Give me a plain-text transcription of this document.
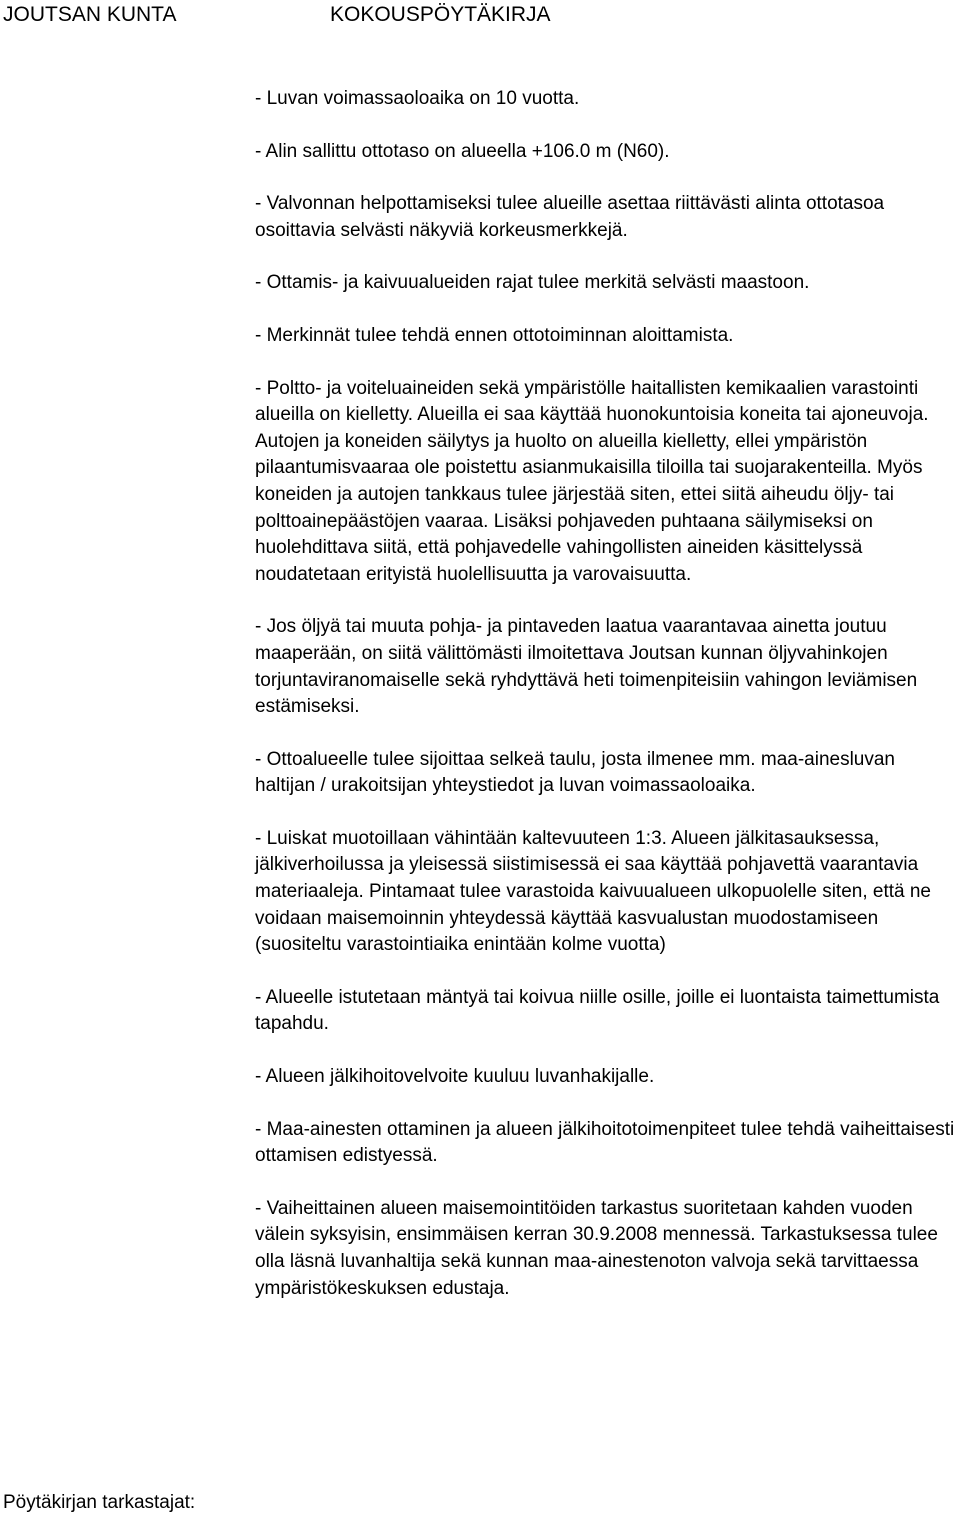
JOUTSAN KUNTA	KOKOUSPÖYTÄKIRJA

- Luvan voimassaoloaika on 10 vuotta.

- Alin sallittu ottotaso on alueella +106.0 m (N60).

- Valvonnan helpottamiseksi tulee alueille asettaa riittävästi alinta ottotasoa osoittavia selvästi näkyviä korkeusmerkkejä.

- Ottamis- ja kaivuualueiden rajat tulee merkitä selvästi maastoon.

- Merkinnät tulee tehdä ennen ottotoiminnan aloittamista.

- Poltto- ja voiteluaineiden sekä ympäristölle haitallisten kemikaalien varastointi alueilla on kielletty. Alueilla ei saa käyttää huonokuntoisia koneita tai ajoneuvoja. Autojen ja koneiden säilytys ja huolto on alueilla kielletty, ellei ympäristön pilaantumisvaaraa ole poistettu asianmukaisilla tiloilla tai suojarakenteilla. Myös koneiden ja autojen tankkaus tulee järjestää siten, ettei siitä aiheudu öljy- tai polttoainepäästöjen vaaraa. Lisäksi pohjaveden puhtaana säilymiseksi on huolehdittava siitä, että pohjavedelle vahingollisten aineiden käsittelyssä noudatetaan erityistä huolellisuutta ja varovaisuutta.

- Jos öljyä tai muuta pohja- ja pintaveden laatua vaarantavaa ainetta joutuu maaperään, on siitä välittömästi ilmoitettava Joutsan kunnan öljyvahinkojen torjuntaviranomaiselle sekä ryhdyttävä heti toimenpiteisiin vahingon leviämisen estämiseksi.

- Ottoalueelle tulee sijoittaa selkeä taulu, josta ilmenee mm. maa-ainesluvan haltijan / urakoitsijan yhteystiedot ja luvan voimassaoloaika.

- Luiskat muotoillaan vähintään kaltevuuteen 1:3. Alueen jälkitasauksessa, jälkiverhoilussa ja yleisessä siistimisessä ei saa käyttää pohjavettä vaarantavia materiaaleja. Pintamaat tulee varastoida kaivuualueen ulkopuolelle siten, että ne voidaan maisemoinnin yhteydessä käyttää kasvualustan muodostamiseen (suositeltu varastointiaika enintään kolme vuotta)

- Alueelle istutetaan mäntyä tai koivua niille osille, joille ei luontaista taimettumista tapahdu.

- Alueen jälkihoitovelvoite kuuluu luvanhakijalle.

- Maa-ainesten ottaminen ja alueen jälkihoitotoimenpiteet tulee tehdä vaiheittaisesti ottamisen edistyessä.

- Vaiheittainen alueen maisemointitöiden tarkastus suoritetaan kahden vuoden välein syksyisin, ensimmäisen kerran 30.9.2008 mennessä. Tarkastuksessa tulee olla läsnä luvanhaltija sekä kunnan maa-ainestenoton valvoja sekä tarvittaessa ympäristökeskuksen edustaja.

Pöytäkirjan tarkastajat:
